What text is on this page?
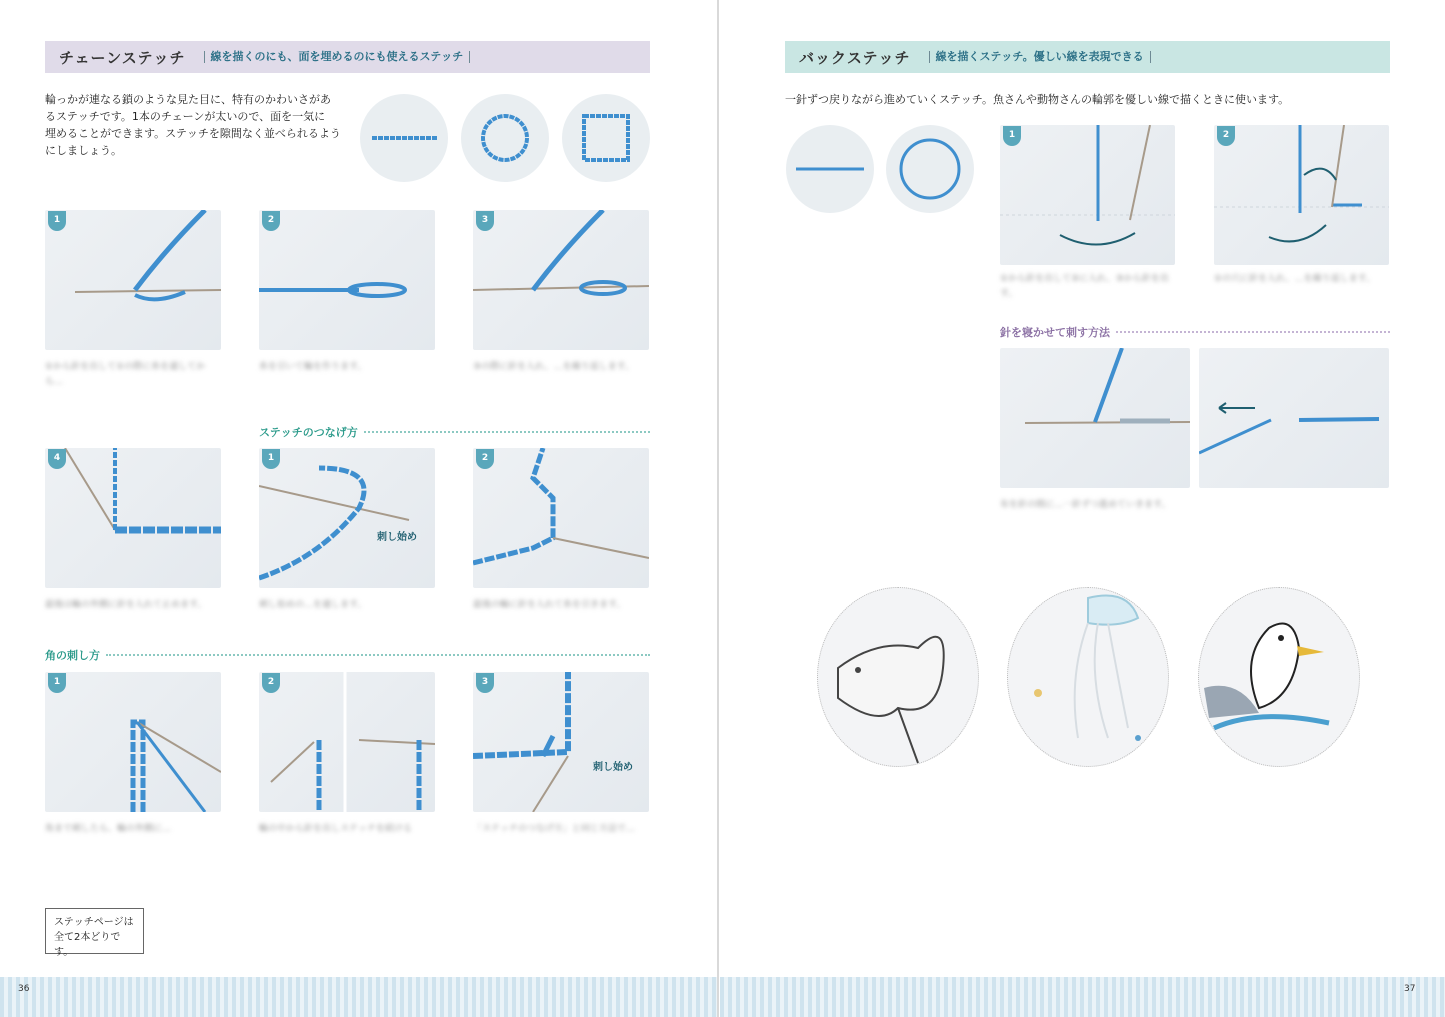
チェーンステッチ	線を描くのにも、面を埋めるのにも使えるステッチ
輪っかが連なる鎖のような見た目に、特有のかわいさがあ
るステッチです。1本のチェーンが太いので、面を一気に
埋めることができます。ステッチを隙間なく並べられるよう
にしましょう。
1	2	3
①から針を出して①の際に糸を通してから…
糸を引いて輪を作ります。	③の際に針を入れ、…を繰り返します。
ステッチのつなげ方
4	1
刺し始め
2
最後は輪の外側に針を入れて止めます。	刺し始めの…を通します。	最後の輪に針を入れて糸を引きます。
角の刺し方
1	2	3
刺し始め
角まで刺したら、輪の外側に…	輪の中から針を出しステッチを続ける	「ステッチのつなげ方」と同じ方法で…
ステッチページは
全て2本どりです。
36
バックステッチ	線を描くステッチ。優しい線を表現できる
一針ずつ戻りながら進めていくステッチ。魚さんや動物さんの輪郭を優しい線で描くときに使います。
1	2
①から針を出して②に入れ、③から針を出す。
①の穴に針を入れ、…を繰り返します。
針を寝かせて刺す方法
布を針の間に…一針ずつ進めていきます。
37
